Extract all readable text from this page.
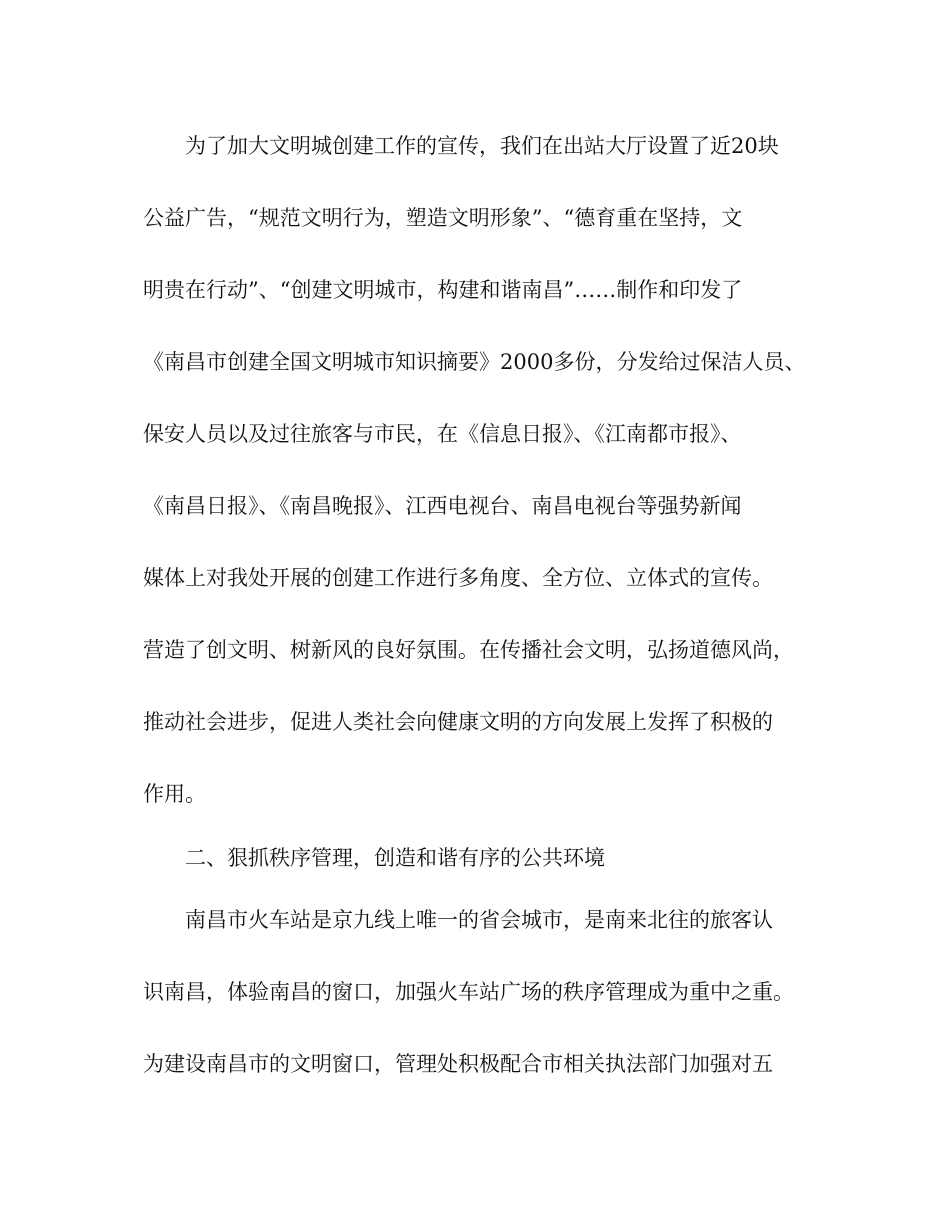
为了加大文明城创建工作的宣传，我们在出站大厅设置了近20块
公益广告，“规范文明行为，塑造文明形象”、“德育重在坚持，文
明贵在行动”、“创建文明城市，构建和谐南昌”……制作和印发了
《南昌市创建全国文明城市知识摘要》2000多份，分发给过保洁人员、
保安人员以及过往旅客与市民，在《信息日报》、《江南都市报》、
《南昌日报》、《南昌晚报》、江西电视台、南昌电视台等强势新闻
媒体上对我处开展的创建工作进行多角度、全方位、立体式的宣传。
营造了创文明、树新风的良好氛围。在传播社会文明，弘扬道德风尚，
推动社会进步，促进人类社会向健康文明的方向发展上发挥了积极的
作用。
二、狠抓秩序管理，创造和谐有序的公共环境
南昌市火车站是京九线上唯一的省会城市，是南来北往的旅客认
识南昌，体验南昌的窗口，加强火车站广场的秩序管理成为重中之重。
为建设南昌市的文明窗口，管理处积极配合市相关执法部门加强对五
